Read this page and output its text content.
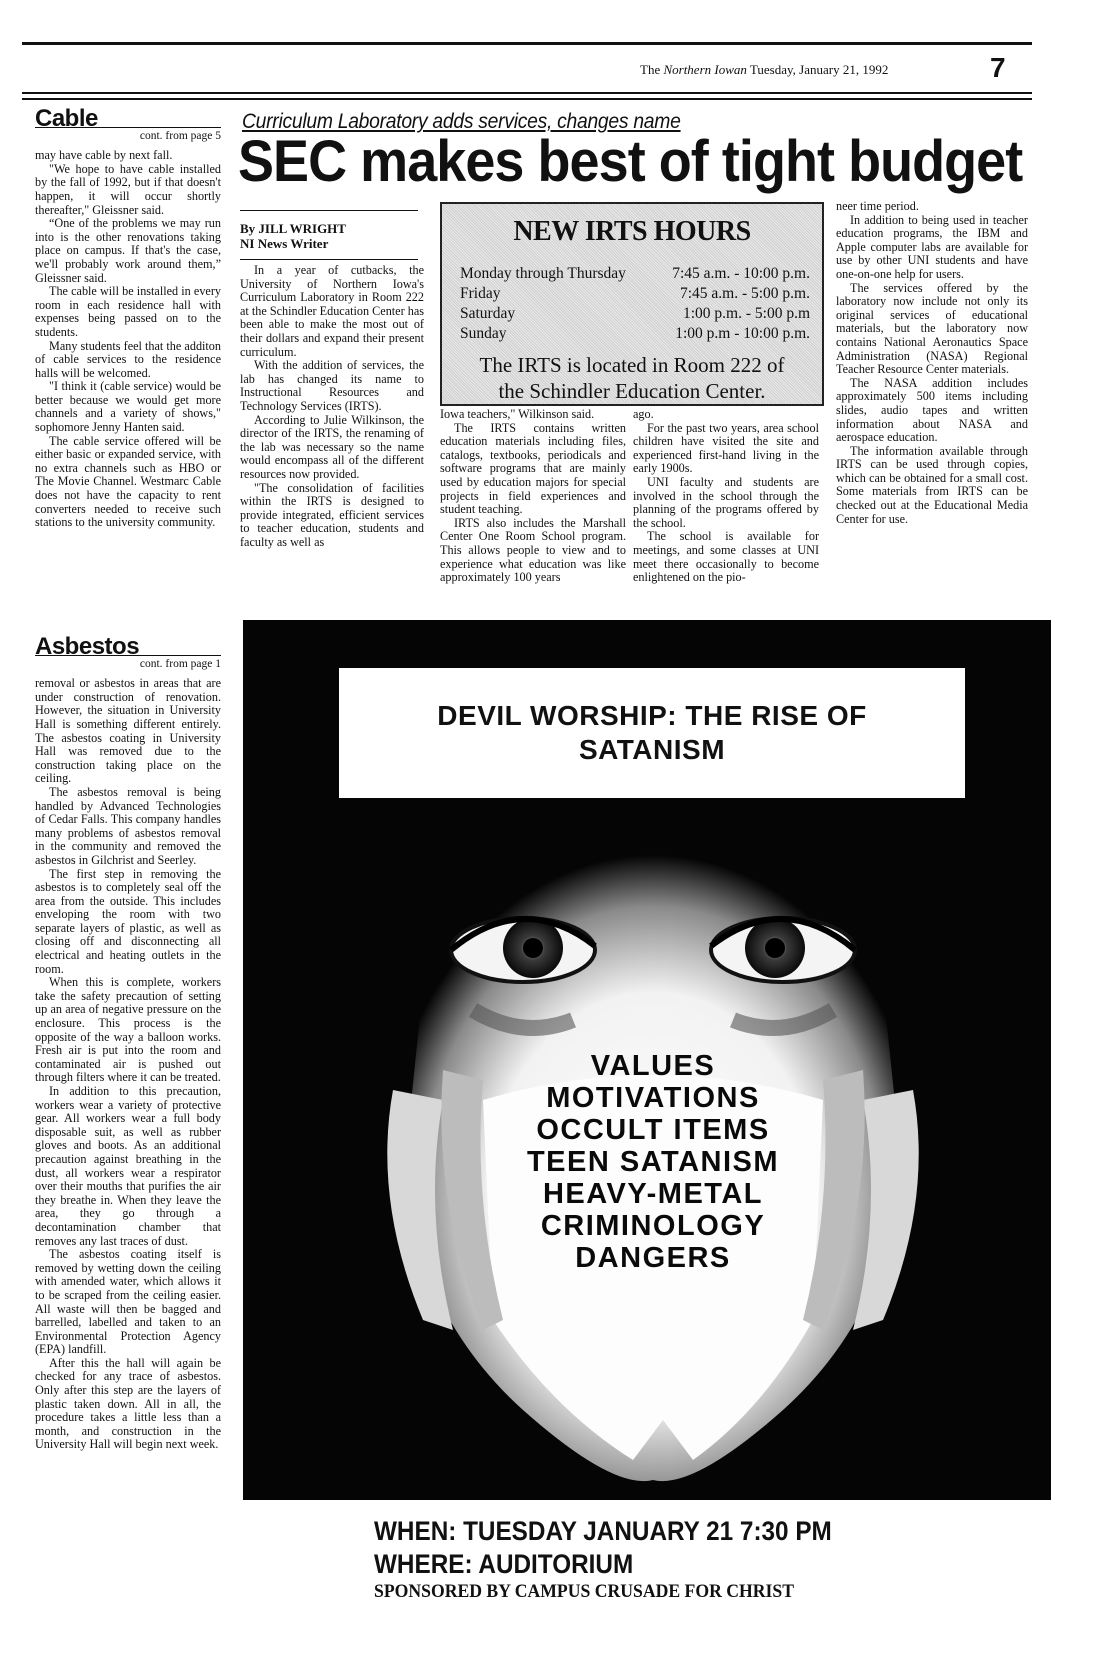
The Northern Iowan Tuesday, January 21, 1992	7
Cable
cont. from page 5

may have cable by next fall.

"We hope to have cable installed by the fall of 1992, but if that doesn't happen, it will occur shortly thereafter," Gleissner said.

“One of the problems we may run into is the other renovations taking place on campus. If that's the case, we'll probably work around them,” Gleissner said.

The cable will be installed in every room in each residence hall with expenses being passed on to the students.

Many students feel that the additon of cable services to the residence halls will be welcomed.

"I think it (cable service) would be better because we would get more channels and a variety of shows," sophomore Jenny Hanten said.

The cable service offered will be either basic or expanded service, with no extra channels such as HBO or The Movie Channel. Westmarc Cable does not have the capacity to rent converters needed to receive such stations to the university community.

Asbestos
cont. from page 1

removal or asbestos in areas that are under construction of renovation. However, the situation in University Hall is something different entirely. The asbestos coating in University Hall was removed due to the construction taking place on the ceiling.

The asbestos removal is being handled by Advanced Technologies of Cedar Falls. This company handles many problems of asbestos removal in the community and removed the asbestos in Gilchrist and Seerley.

The first step in removing the asbestos is to completely seal off the area from the outside. This includes enveloping the room with two separate layers of plastic, as well as closing off and disconnecting all electrical and heating outlets in the room.

When this is complete, workers take the safety precaution of setting up an area of negative pressure on the enclosure. This process is the opposite of the way a balloon works. Fresh air is put into the room and contaminated air is pushed out through filters where it can be treated.

In addition to this precaution, workers wear a variety of protective gear. All workers wear a full body disposable suit, as well as rubber gloves and boots. As an additional precaution against breathing in the dust, all workers wear a respirator over their mouths that purifies the air they breathe in. When they leave the area, they go through a decontamination chamber that removes any last traces of dust.

The asbestos coating itself is removed by wetting down the ceiling with amended water, which allows it to be scraped from the ceiling easier. All waste will then be bagged and barrelled, labelled and taken to an Environmental Protection Agency (EPA) landfill.

After this the hall will again be checked for any trace of asbestos. Only after this step are the layers of plastic taken down. All in all, the procedure takes a little less than a month, and construction in the University Hall will begin next week.

Curriculum Laboratory adds services, changes name
SEC makes best of tight budget
By JILL WRIGHT
NI News Writer

In a year of cutbacks, the University of Northern Iowa's Curriculum Laboratory in Room 222 at the Schindler Education Center has been able to make the most out of their dollars and expand their present curriculum.

With the addition of services, the lab has changed its name to Instructional Resources and Technology Services (IRTS).

According to Julie Wilkinson, the director of the IRTS, the renaming of the lab was necessary so the name would encompass all of the different resources now provided.

"The consolidation of facilities within the IRTS is designed to provide integrated, efficient services to teacher education, students and faculty as well as

NEW IRTS HOURS
Monday through Thursday	7:45 a.m. - 10:00 p.m.
Friday	7:45 a.m. - 5:00 p.m.
Saturday	1:00 p.m. - 5:00 p.m
Sunday	1:00 p.m - 10:00 p.m.
The IRTS is located in Room 222 of
the Schindler Education Center.

Iowa teachers," Wilkinson said.

The IRTS contains written education materials including files, catalogs, textbooks, periodicals and software programs that are mainly used by education majors for special projects in field experiences and student teaching.

IRTS also includes the Marshall Center One Room School program. This allows people to view and to experience what education was like approximately 100 years

ago.

For the past two years, area school children have visited the site and experienced first-hand living in the early 1900s.

UNI faculty and students are involved in the school through the planning of the programs offered by the school.

The school is available for meetings, and some classes at UNI meet there occasionally to become enlightened on the pio-

neer time period.

In addition to being used in teacher education programs, the IBM and Apple computer labs are available for use by other UNI students and have one-on-one help for users.

The services offered by the laboratory now include not only its original services of educational materials, but the laboratory now contains National Aeronautics Space Administration (NASA) Regional Teacher Resource Center materials.

The NASA addition includes approximately 500 items including slides, audio tapes and written information about NASA and aerospace education.

The information available through IRTS can be used through copies, which can be obtained for a small cost. Some materials from IRTS can be checked out at the Educational Media Center for use.

DEVIL WORSHIP: THE RISE OF
SATANISM
VALUES
MOTIVATIONS
OCCULT ITEMS
TEEN SATANISM
HEAVY-METAL
CRIMINOLOGY
DANGERS
WHEN: TUESDAY JANUARY 21 7:30 PM
WHERE: AUDITORIUM
SPONSORED BY CAMPUS CRUSADE FOR CHRIST
